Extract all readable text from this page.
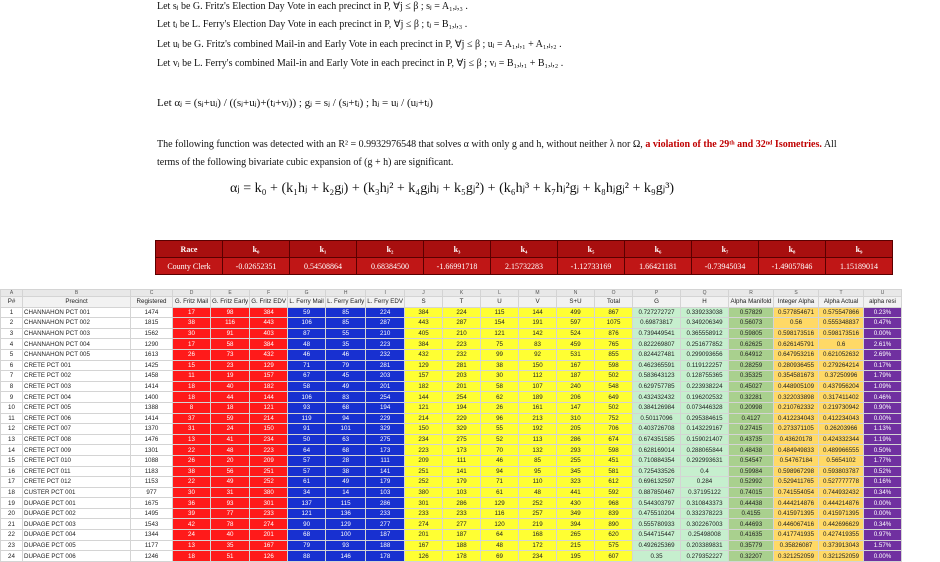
Let sⱼ be G. Fritz's Election Day Vote in each precinct in P, ∀j ≤ β ; sⱼ = A₁,ⱼ,₃ .
Let tⱼ be L. Ferry's Election Day Vote in each precinct in P, ∀j ≤ β ; tⱼ = B₁,ⱼ,₃ .
Let uⱼ be G. Fritz's combined Mail-in and Early Vote in each precinct in P, ∀j ≤ β ; uⱼ = A₁,ⱼ,₁ + A₁,ⱼ,₂ .
Let vⱼ be L. Ferry's combined Mail-in and Early Vote in each precinct in P, ∀j ≤ β ; vⱼ = B₁,ⱼ,₁ + B₁,ⱼ,₂ .
Let αⱼ = (sⱼ+uⱼ) / ((sⱼ+uⱼ)+(tⱼ+vⱼ)) ; gⱼ = sⱼ / (sⱼ+tⱼ) ; hⱼ = uⱼ / (uⱼ+tⱼ)
The following function was detected with an R² = 0.9932976548 that solves α with only g and h, without neither λ nor Ω, a violation of the 29ᵗʰ and 32ⁿᵈ Isometries. All terms of the following bivariate cubic expansion of (g + h) are significant.
αⱼ = k₀ + (k₁hⱼ + k₂gⱼ) + (k₃hⱼ² + k₄gⱼhⱼ + k₅gⱼ²) + (k₆hⱼ³ + k₇hⱼ²gⱼ + k₈hⱼgⱼ² + k₉gⱼ³)
Race	k₀	k₁	k₂	k₃	k₄	k₅	k₆	k₇	k₈	k₉
County Clerk	-0.02652351	0.54508864	0.68384500	-1.66991718	2.15732283	-1.12733169	1.66421181	-0.73945034	-1.49057846	1.15189014
A	B	C	D	E	F	G	H	I	J	K	L	M	N	O	P	Q	R	S	T	U
P#	Precinct	Registered	G. Fritz Mail	G. Fritz Early	G. Fritz EDV	L. Ferry Mail	L. Ferry Early	L. Ferry EDV	S	T	U	V	S+U	Total	G	H	Alpha Manifold	Integer Alpha	Alpha Actual	alpha resi
1	CHANNAHON PCT 001	1474	17	98	384	59	85	224	384	224	115	144	499	867	0.727272727	0.339233038	0.57829	0.577854671	0.575547866	0.23%
2	CHANNAHON PCT 002	1815	38	116	443	106	85	287	443	287	154	191	597	1075	0.69873817	0.349206349	0.56073	0.56	0.555348837	0.47%
3	CHANNAHON PCT 003	1562	30	91	403	87	55	210	405	210	121	142	524	876	0.739449541	0.365558912	0.59805	0.598173516	0.598173516	0.00%
4	CHANNAHON PCT 004	1290	17	58	384	48	35	223	384	223	75	83	459	765	0.822269807	0.251677852	0.62625	0.626145791	0.6	2.61%
5	CHANNAHON PCT 005	1613	26	73	432	46	46	232	432	232	99	92	531	855	0.824427481	0.299093656	0.64912	0.647953216	0.621052632	2.69%
6	CRETE PCT 001	1425	15	23	129	71	79	281	129	281	38	150	167	598	0.462365591	0.119122257	0.28259	0.280936455	0.279264214	0.17%
7	CRETE PCT 002	1458	11	19	157	67	45	203	157	203	30	112	187	502	0.583643123	0.128755365	0.35325	0.354581673	0.37250996	1.79%
8	CRETE PCT 003	1414	18	40	182	58	49	201	182	201	58	107	240	548	0.629757785	0.223938224	0.45027	0.448905109	0.437956204	1.09%
9	CRETE PCT 004	1400	18	44	144	106	83	254	144	254	62	189	206	649	0.432432432	0.196202532	0.32281	0.322033898	0.317411402	0.46%
10	CRETE PCT 005	1388	8	18	121	93	68	194	121	194	26	161	147	502	0.384126984	0.073446328	0.20998	0.210762332	0.219730942	0.90%
11	CRETE PCT 006	1414	37	59	214	119	94	229	214	229	96	213	310	752	0.50117096	0.295384615	0.4127	0.412234043	0.412234043	0.00%
12	CRETE PCT 007	1370	31	24	150	91	101	329	150	329	55	192	205	706	0.403726708	0.143229167	0.27415	0.273371105	0.26203966	1.13%
13	CRETE PCT 008	1476	13	41	234	50	63	275	234	275	52	113	286	674	0.674351585	0.159021407	0.43735	0.43620178	0.424332344	1.19%
14	CRETE PCT 009	1301	22	48	223	64	68	173	223	173	70	132	293	598	0.628169014	0.288065844	0.48438	0.484949833	0.489966555	0.50%
15	CRETE PCT 010	1088	26	20	209	57	28	111	209	111	46	85	255	451	0.710884354	0.292993631	0.54547	0.54767184	0.5654102	1.77%
16	CRETE PCT 011	1183	38	56	251	57	38	141	251	141	94	95	345	581	0.725433526	0.4	0.59984	0.598967298	0.593803787	0.52%
17	CRETE PCT 012	1153	22	49	252	61	49	179	252	179	71	110	323	612	0.696132597	0.284	0.52992	0.529411765	0.527777778	0.16%
18	CUSTER PCT 001	977	30	31	380	34	14	103	380	103	61	48	441	592	0.887850467	0.37195122	0.74015	0.741554054	0.744932432	0.34%
19	DUPAGE PCT 001	1675	36	93	301	137	115	286	301	286	129	252	430	968	0.544303797	0.310843373	0.44438	0.444214876	0.444214876	0.00%
20	DUPAGE PCT 002	1495	39	77	233	121	136	233	233	233	116	257	349	839	0.475510204	0.332378223	0.4155	0.415971395	0.415971395	0.00%
21	DUPAGE PCT 003	1543	42	78	274	90	129	277	274	277	120	219	394	890	0.555780933	0.302267003	0.44693	0.446067416	0.442696629	0.34%
22	DUPAGE PCT 004	1344	24	40	201	68	100	187	201	187	64	168	265	620	0.544715447	0.25498008	0.41635	0.417741935	0.427419355	0.97%
23	DUPAGE PCT 005	1177	13	35	167	79	93	188	167	188	48	172	215	575	0.492625369	0.203389831	0.35779	0.35826087	0.373913043	1.57%
24	DUPAGE PCT 006	1246	18	51	126	88	146	178	126	178	69	234	195	607	0.35	0.279352227	0.32207	0.321252059	0.321252059	0.00%
